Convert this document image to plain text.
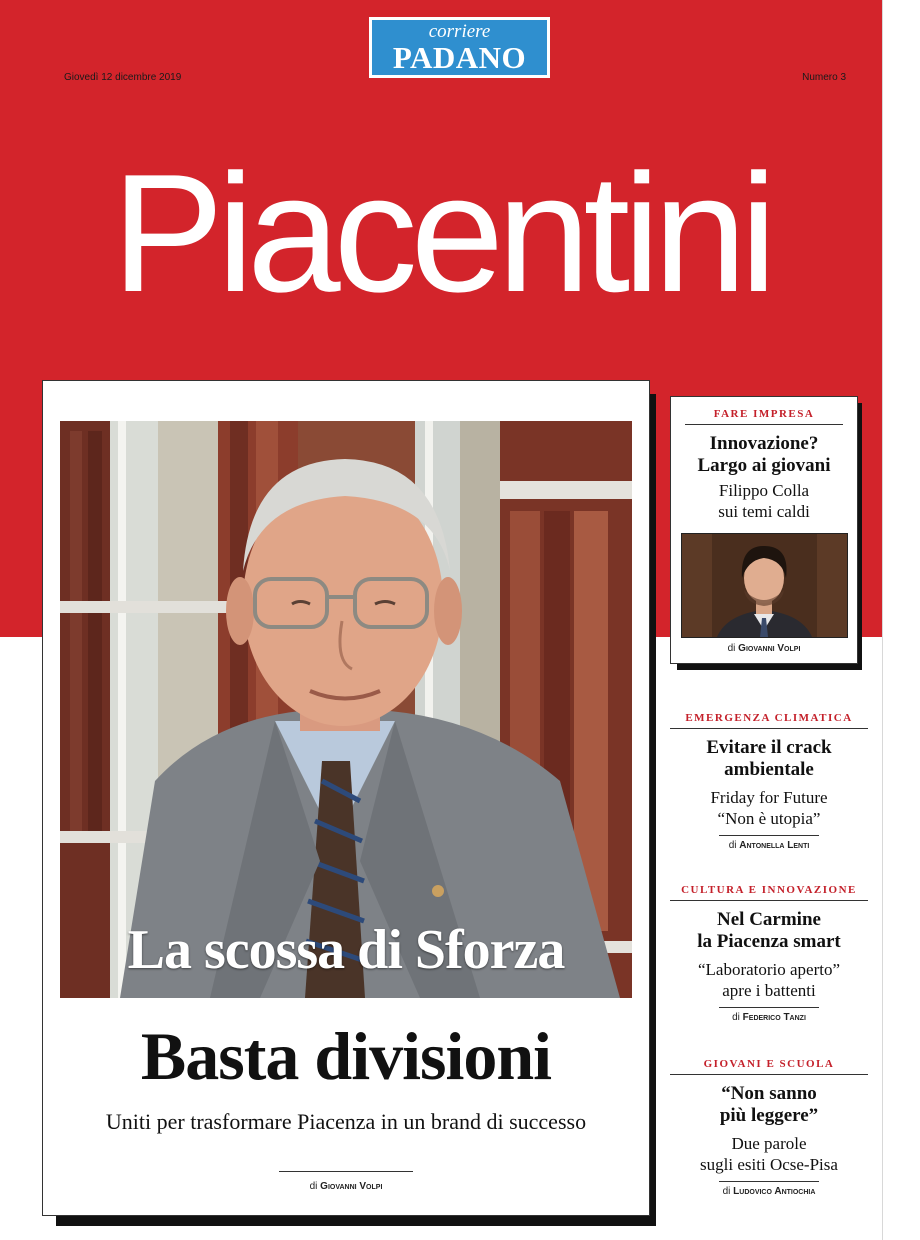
corriere
PADANO
Giovedì 12 dicembre 2019	Numero 3
Piacentini
La scossa di Sforza
Basta divisioni
Uniti per trasformare Piacenza in un brand di successo
di Giovanni Volpi
FARE IMPRESA
Innovazione?
Largo ai giovani
Filippo Colla
sui temi caldi
di Giovanni Volpi
EMERGENZA CLIMATICA
Evitare il crack
ambientale
Friday for Future
“Non è utopia”
di Antonella Lenti
CULTURA E INNOVAZIONE
Nel Carmine
la Piacenza smart
“Laboratorio aperto”
apre i battenti
di Federico Tanzi
GIOVANI E SCUOLA
“Non sanno
più leggere”
Due parole
sugli esiti Ocse-Pisa
di Ludovico Antiochia
